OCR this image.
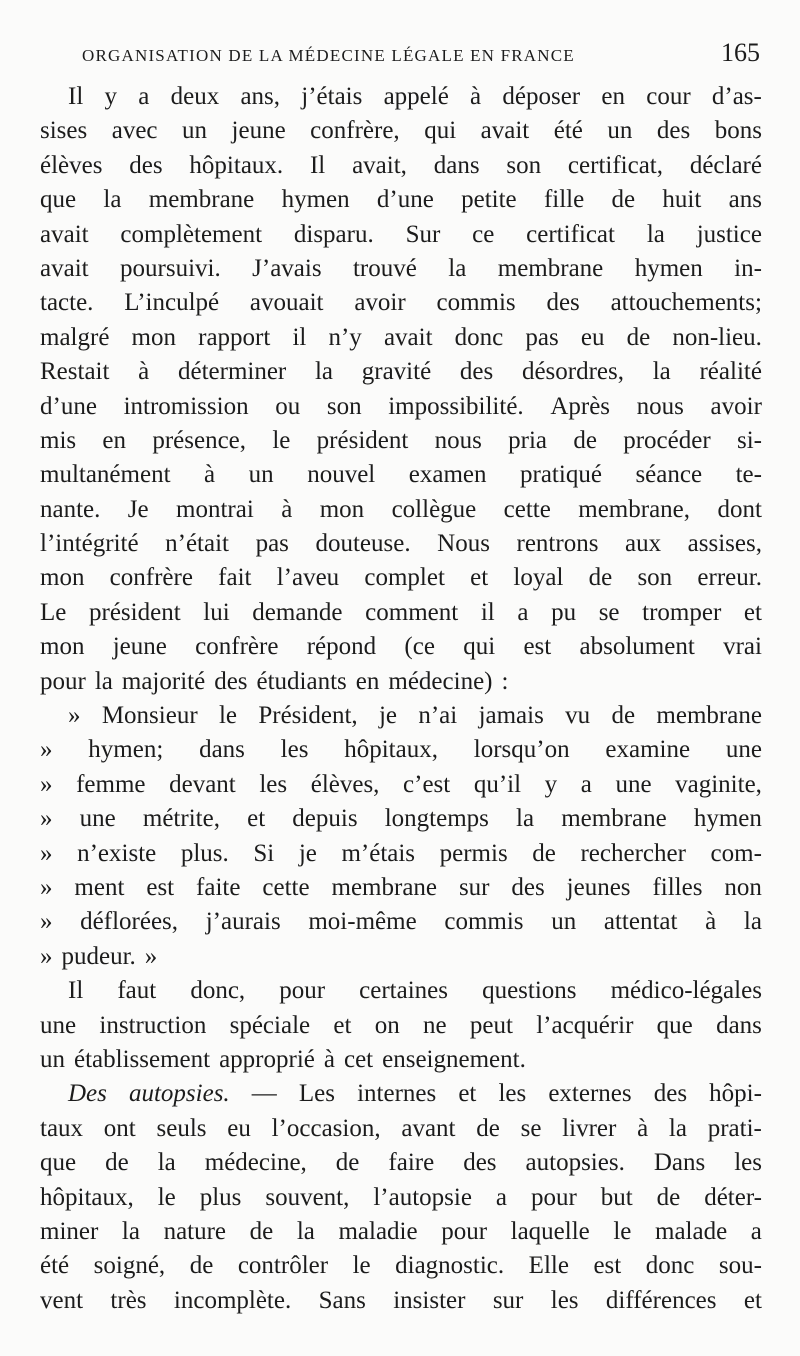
ORGANISATION DE LA MÉDECINE LÉGALE EN FRANCE	165
Il y a deux ans, j’étais appelé à déposer en cour d’as-
sises avec un jeune confrère, qui avait été un des bons
élèves des hôpitaux. Il avait, dans son certificat, déclaré
que la membrane hymen d’une petite fille de huit ans
avait complètement disparu. Sur ce certificat la justice
avait poursuivi. J’avais trouvé la membrane hymen in-
tacte. L’inculpé avouait avoir commis des attouchements;
malgré mon rapport il n’y avait donc pas eu de non-lieu.
Restait à déterminer la gravité des désordres, la réalité
d’une intromission ou son impossibilité. Après nous avoir
mis en présence, le président nous pria de procéder si-
multanément à un nouvel examen pratiqué séance te-
nante. Je montrai à mon collègue cette membrane, dont
l’intégrité n’était pas douteuse. Nous rentrons aux assises,
mon confrère fait l’aveu complet et loyal de son erreur.
Le président lui demande comment il a pu se tromper et
mon jeune confrère répond (ce qui est absolument vrai
pour la majorité des étudiants en médecine) :
» Monsieur le Président, je n’ai jamais vu de membrane
» hymen; dans les hôpitaux, lorsqu’on examine une
» femme devant les élèves, c’est qu’il y a une vaginite,
» une métrite, et depuis longtemps la membrane hymen
» n’existe plus. Si je m’étais permis de rechercher com-
» ment est faite cette membrane sur des jeunes filles non
» déflorées, j’aurais moi-même commis un attentat à la
» pudeur. »
Il faut donc, pour certaines questions médico-légales
une instruction spéciale et on ne peut l’acquérir que dans
un établissement approprié à cet enseignement.
Des autopsies. — Les internes et les externes des hôpi-
taux ont seuls eu l’occasion, avant de se livrer à la prati-
que de la médecine, de faire des autopsies. Dans les
hôpitaux, le plus souvent, l’autopsie a pour but de déter-
miner la nature de la maladie pour laquelle le malade a
été soigné, de contrôler le diagnostic. Elle est donc sou-
vent très incomplète. Sans insister sur les différences et
